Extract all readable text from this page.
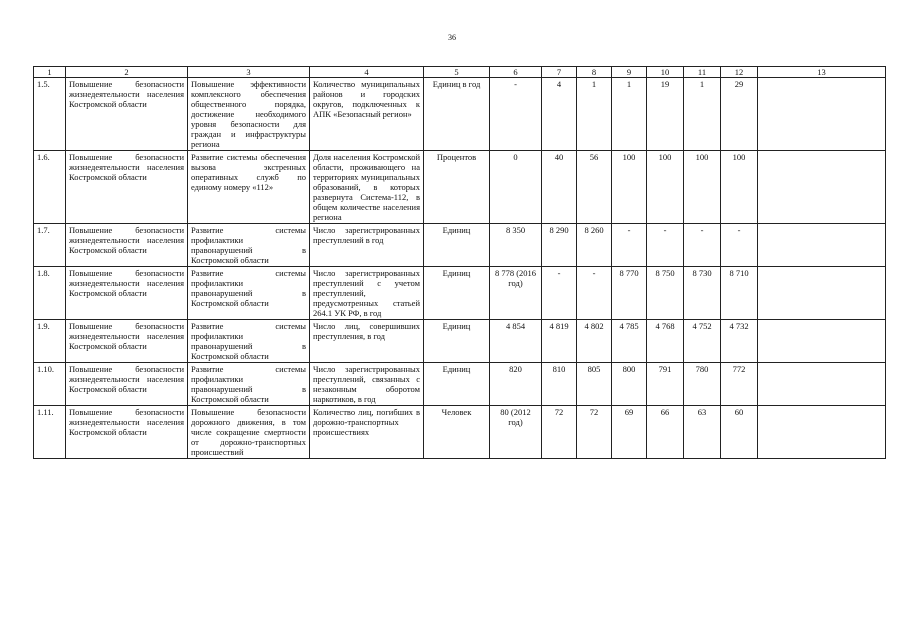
36
1	2	3	4	5	6	7	8	9	10	11	12	13
1.5.	Повышение безопасности жизнедеятельности населения Костромской области	Повышение эффективности комплексного обеспечения общественного порядка, достижение необходимого уровня безопасности для граждан и инфраструктуры региона	Количество муниципальных районов и городских округов, подключенных к АПК «Безопасный регион»	Единиц в год	-	4	1	1	19	1	29	
1.6.	Повышение безопасности жизнедеятельности населения Костромской области	Развитие системы обеспечения вызова экстренных оперативных служб по единому номеру «112»	Доля населения Костромской области, проживающего на территориях муниципальных образований, в которых развернута Система-112, в общем количестве населения региона	Процентов	0	40	56	100	100	100	100	
1.7.	Повышение безопасности жизнедеятельности населения Костромской области	Развитие системы профилактики правонарушений в Костромской области	Число зарегистрированных преступлений в год	Единиц	8 350	8 290	8 260	-	-	-	-	
1.8.	Повышение безопасности жизнедеятельности населения Костромской области	Развитие системы профилактики правонарушений в Костромской области	Число зарегистрированных преступлений с учетом преступлений, предусмотренных статьей 264.1 УК РФ, в год	Единиц	8 778 (2016 год)	-	-	8 770	8 750	8 730	8 710	
1.9.	Повышение безопасности жизнедеятельности населения Костромской области	Развитие системы профилактики правонарушений в Костромской области	Число лиц, совершивших преступления, в год	Единиц	4 854	4 819	4 802	4 785	4 768	4 752	4 732	
1.10.	Повышение безопасности жизнедеятельности населения Костромской области	Развитие системы профилактики правонарушений в Костромской области	Число зарегистрированных преступлений, связанных с незаконным оборотом наркотиков, в год	Единиц	820	810	805	800	791	780	772	
1.11.	Повышение безопасности жизнедеятельности населения Костромской области	Повышение безопасности дорожного движения, в том числе сокращение смертности от дорожно-транспортных происшествий	Количество лиц, погибших в дорожно-транспортных происшествиях	Человек	80 (2012 год)	72	72	69	66	63	60	
